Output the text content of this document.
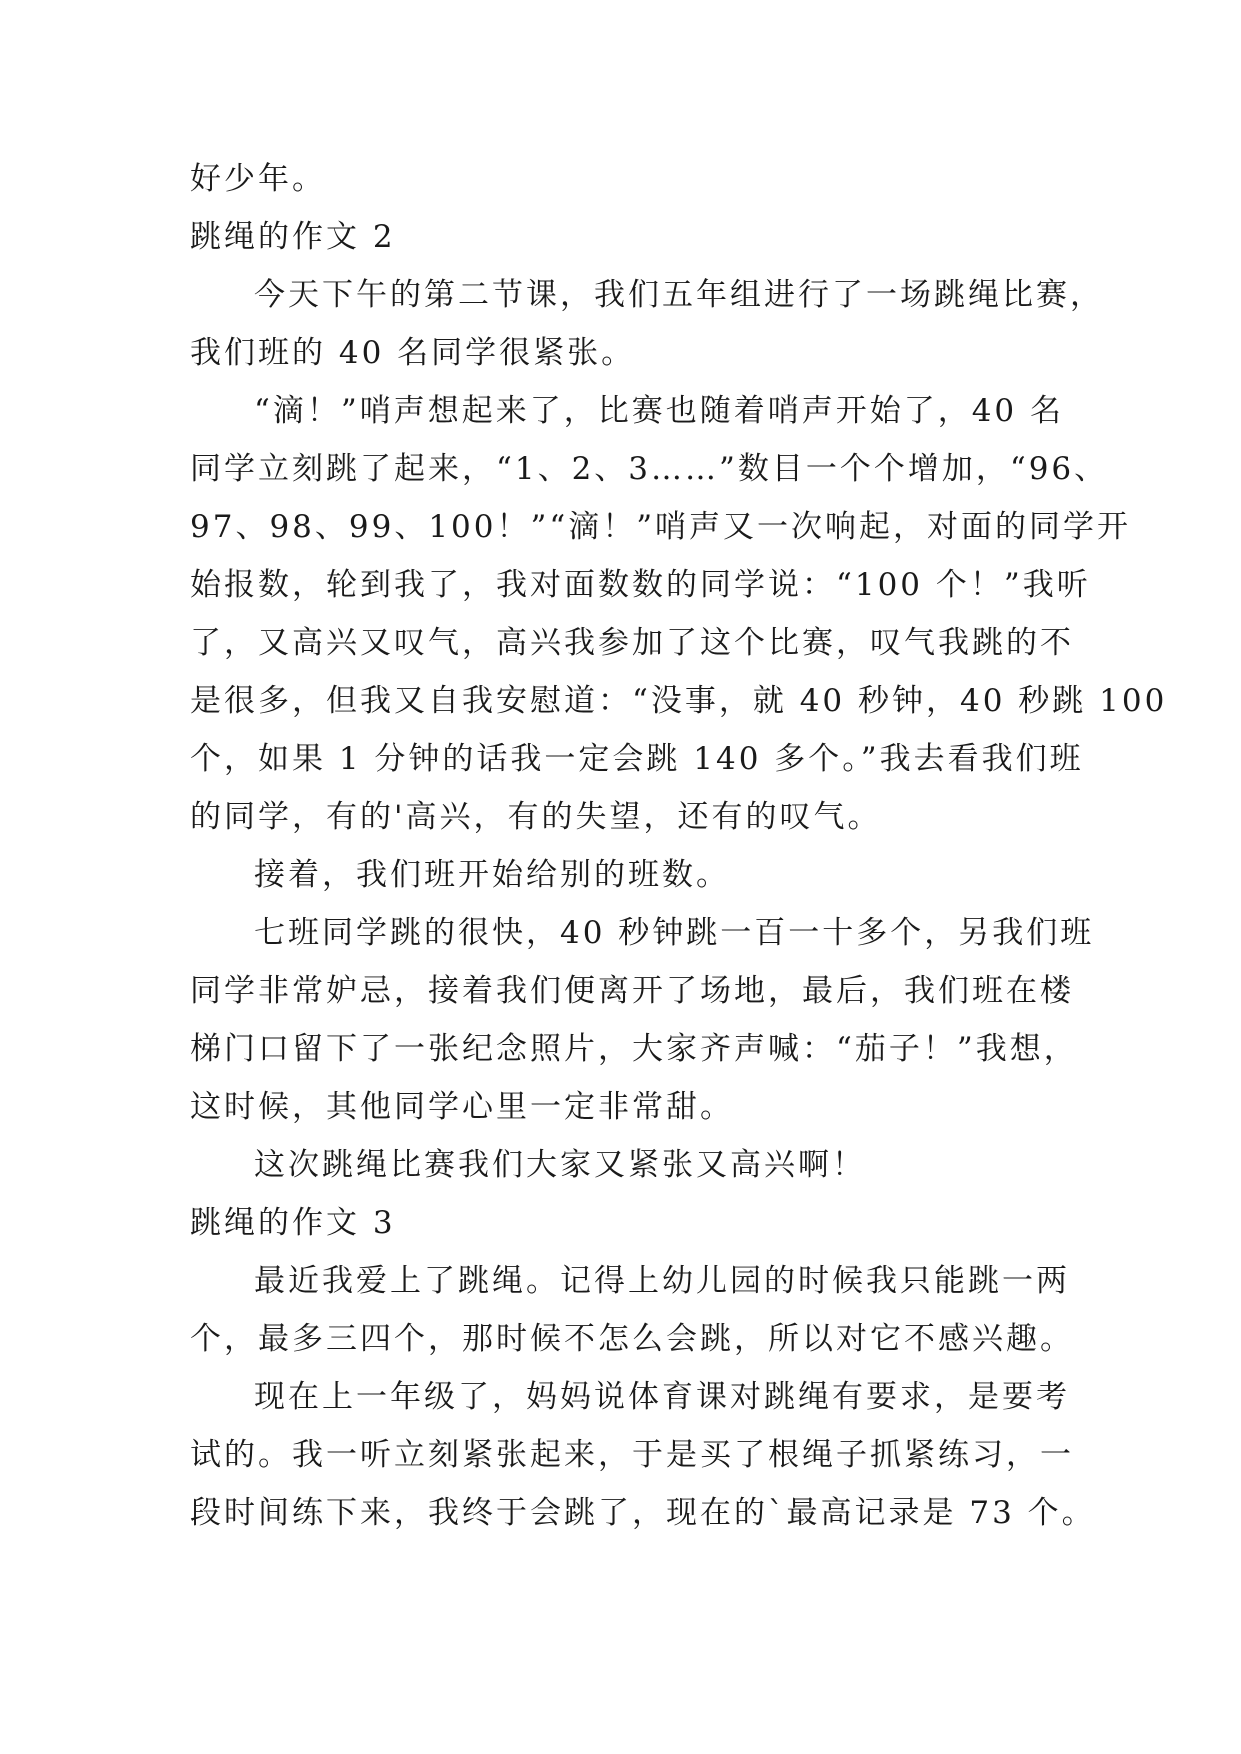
好少年。
跳绳的作文 2
今天下午的第二节课，我们五年组进行了一场跳绳比赛，
我们班的 40 名同学很紧张。
“滴！”哨声想起来了，比赛也随着哨声开始了，40 名
同学立刻跳了起来，“1、2、3……”数目一个个增加，“96、
97、98、99、100！”“滴！”哨声又一次响起，对面的同学开
始报数，轮到我了，我对面数数的同学说：“100 个！”我听
了，又高兴又叹气，高兴我参加了这个比赛，叹气我跳的不
是很多，但我又自我安慰道：“没事，就 40 秒钟，40 秒跳 100
个，如果 1 分钟的话我一定会跳 140 多个。”我去看我们班
的同学，有的'高兴，有的失望，还有的叹气。
接着，我们班开始给别的班数。
七班同学跳的很快，40 秒钟跳一百一十多个，另我们班
同学非常妒忌，接着我们便离开了场地，最后，我们班在楼
梯门口留下了一张纪念照片，大家齐声喊：“茄子！”我想，
这时候，其他同学心里一定非常甜。
这次跳绳比赛我们大家又紧张又高兴啊！
跳绳的作文 3
最近我爱上了跳绳。记得上幼儿园的时候我只能跳一两
个，最多三四个，那时候不怎么会跳，所以对它不感兴趣。
现在上一年级了，妈妈说体育课对跳绳有要求，是要考
试的。我一听立刻紧张起来，于是买了根绳子抓紧练习，一
段时间练下来，我终于会跳了，现在的`最高记录是 73 个。
